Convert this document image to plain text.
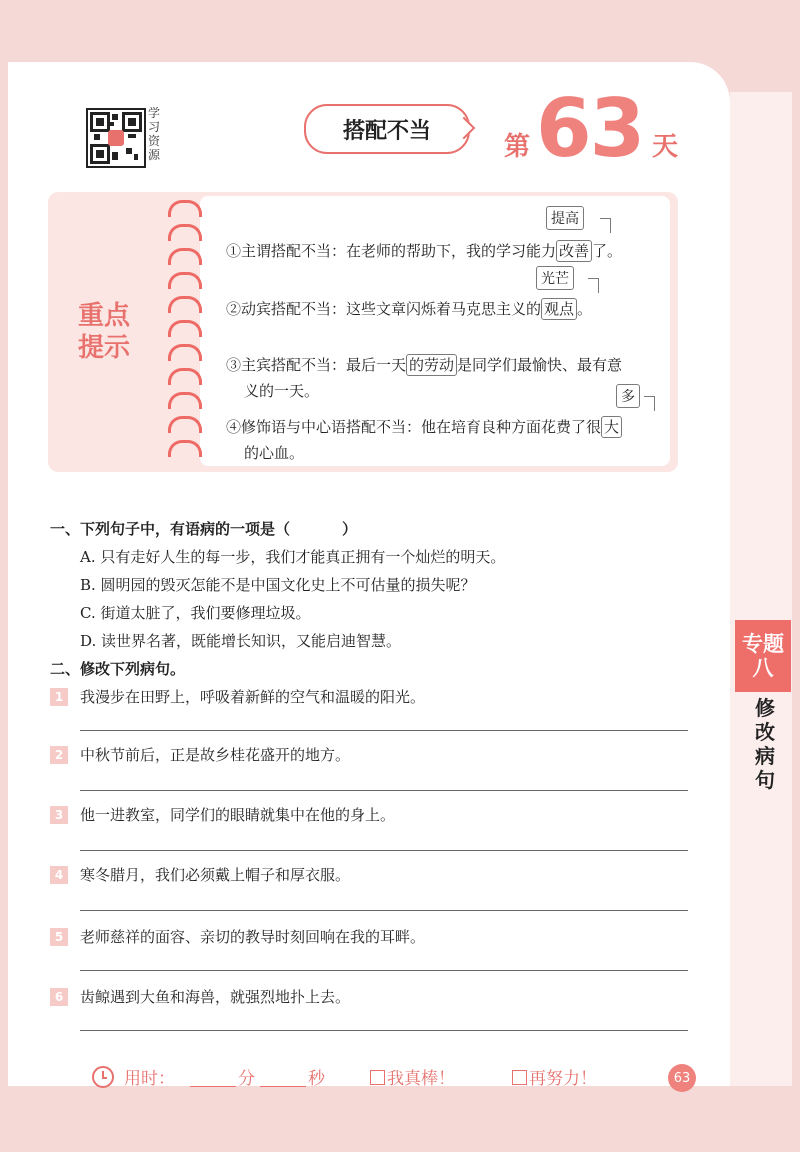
学习资源
搭配不当
第 63 天
重点
提示
提高
①主谓搭配不当：在老师的帮助下，我的学习能力 改善 了。
光芒
②动宾搭配不当：这些文章闪烁着马克思主义的 观点 。
③主宾搭配不当：最后一天 的劳动 是同学们最愉快、最有意
义的一天。	多
④修饰语与中心语搭配不当：他在培育良种方面花费了很 大
的心血。
一、下列句子中，有语病的一项是（	）
A. 只有走好人生的每一步，我们才能真正拥有一个灿烂的明天。
B. 圆明园的毁灭怎能不是中国文化史上不可估量的损失呢？
C. 街道太脏了，我们要修理垃圾。
D. 读世界名著，既能增长知识，又能启迪智慧。
二、修改下列病句。
1	我漫步在田野上，呼吸着新鲜的空气和温暖的阳光。
2	中秋节前后，正是故乡桂花盛开的地方。
3	他一进教室，同学们的眼睛就集中在他的身上。
4	寒冬腊月，我们必须戴上帽子和厚衣服。
5	老师慈祥的面容、亲切的教导时刻回响在我的耳畔。
6	齿鲸遇到大鱼和海兽，就强烈地扑上去。
专题
八
修
改
病
句
用时：	分	秒	我真棒！	再努力！	63
